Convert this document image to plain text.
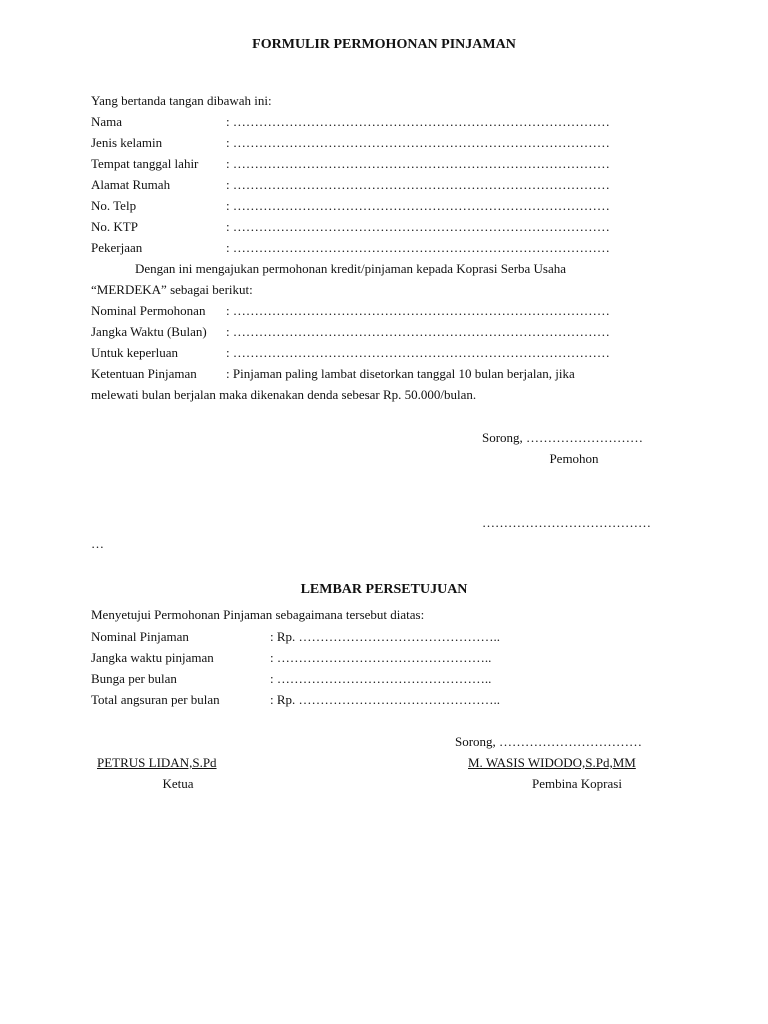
FORMULIR PERMOHONAN PINJAMAN
Yang bertanda tangan dibawah ini:
Nama	: ……………………………………………………………………………
Jenis kelamin	: ……………………………………………………………………………
Tempat tanggal lahir : ……………………………………………………………………………
Alamat Rumah	: ……………………………………………………………………………
No. Telp	: ……………………………………………………………………………
No. KTP	: ……………………………………………………………………………
Pekerjaan	: ……………………………………………………………………………
Dengan ini mengajukan permohonan kredit/pinjaman kepada Koprasi Serba Usaha
“MERDEKA” sebagai berikut:
Nominal Permohonan : ……………………………………………………………………………
Jangka Waktu (Bulan) : ……………………………………………………………………………
Untuk keperluan	: ……………………………………………………………………………
Ketentuan Pinjaman : Pinjaman paling lambat disetorkan tanggal 10 bulan berjalan, jika
melewati bulan berjalan maka dikenakan denda sebesar Rp. 50.000/bulan.
Sorong, ………………………
Pemohon
…………………………………
…
LEMBAR PERSETUJUAN
Menyetujui Permohonan Pinjaman sebagaimana tersebut diatas:
Nominal Pinjaman	: Rp. ………………………………………..
Jangka waktu pinjaman	: …………………………………………..
Bunga per bulan	: …………………………………………..
Total angsuran per bulan	: Rp. ………………………………………..
Sorong, ……………………………
PETRUS LIDAN,S.Pd	M. WASIS WIDODO,S.Pd,MM
Ketua	Pembina Koprasi
